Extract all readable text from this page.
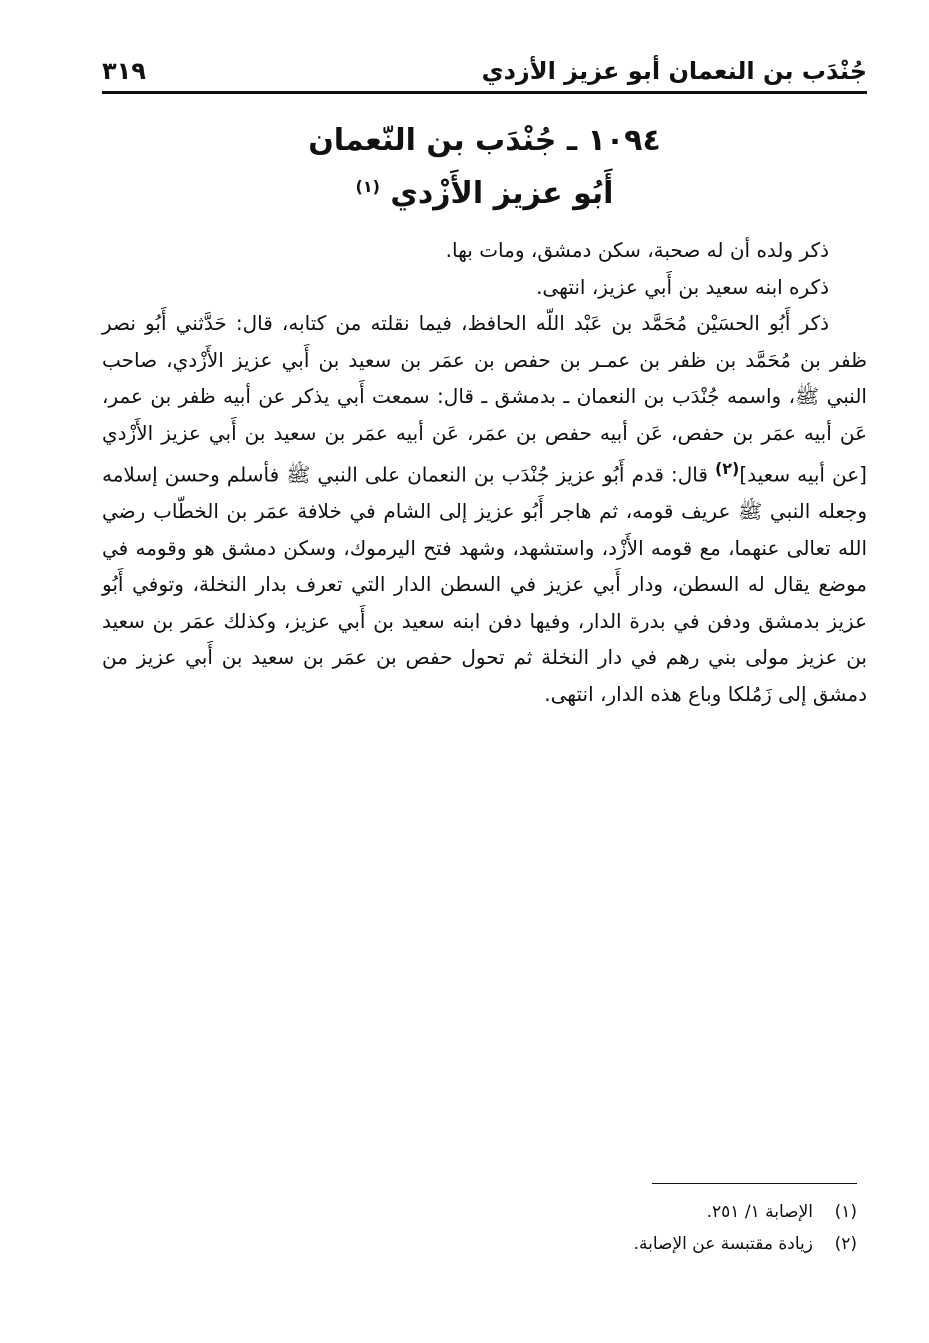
جُنْدَب بن النعمان أبو عزيز الأزدي
٣١٩
١٠٩٤ ـ جُنْدَب بن النّعمان
أَبُو عزيز الأَزْدي $^{(١)}$

ذكر ولده أن له صحبة، سكن دمشق، ومات بها.

ذكره ابنه سعيد بن أَبي عزيز، انتهى.

ذكر أَبُو الحسَيْن مُحَمَّد بن عَبْد اللّه الحافظ، فيما نقلته من كتابه، قال: حَدَّثني أَبُو نصر ظفر بن مُحَمَّد بن ظفر بن عمـر بن حفص بن عمَر بن سعيد بن أَبي عزيز الأَزْدي، صاحب النبي ﷺ، واسمه جُنْدَب بن النعمان ـ بدمشق ـ قال: سمعت أَبي يذكر عن أبيه ظفر بن عمر، عَن أبيه عمَر بن حفص، عَن أبيه حفص بن عمَر، عَن أبيه عمَر بن سعيد بن أَبي عزيز الأَزْدي [عن أبيه سعيد]$^{(٢)}$ قال: قدم أَبُو عزيز جُنْدَب بن النعمان على النبي ﷺ فأسلم وحسن إسلامه وجعله النبي ﷺ عريف قومه، ثم هاجر أَبُو عزيز إلى الشام في خلافة عمَر بن الخطّاب رضي الله تعالى عنهما، مع قومه الأَزْد، واستشهد، وشهد فتح اليرموك، وسكن دمشق هو وقومه في موضع يقال له السطن، ودار أَبي عزيز في السطن الدار التي تعرف بدار النخلة، وتوفي أَبُو عزيز بدمشق ودفن في بدرة الدار، وفيها دفن ابنه سعيد بن أَبي عزيز، وكذلك عمَر بن سعيد بن عزيز مولى بني رهم في دار النخلة ثم تحول حفص بن عمَر بن سعيد بن أَبي عزيز من دمشق إلى زَمُلكا وباع هذه الدار، انتهى.

(١)
الإصابة ١/ ٢٥١.
(٢)
زيادة مقتبسة عن الإصابة.
